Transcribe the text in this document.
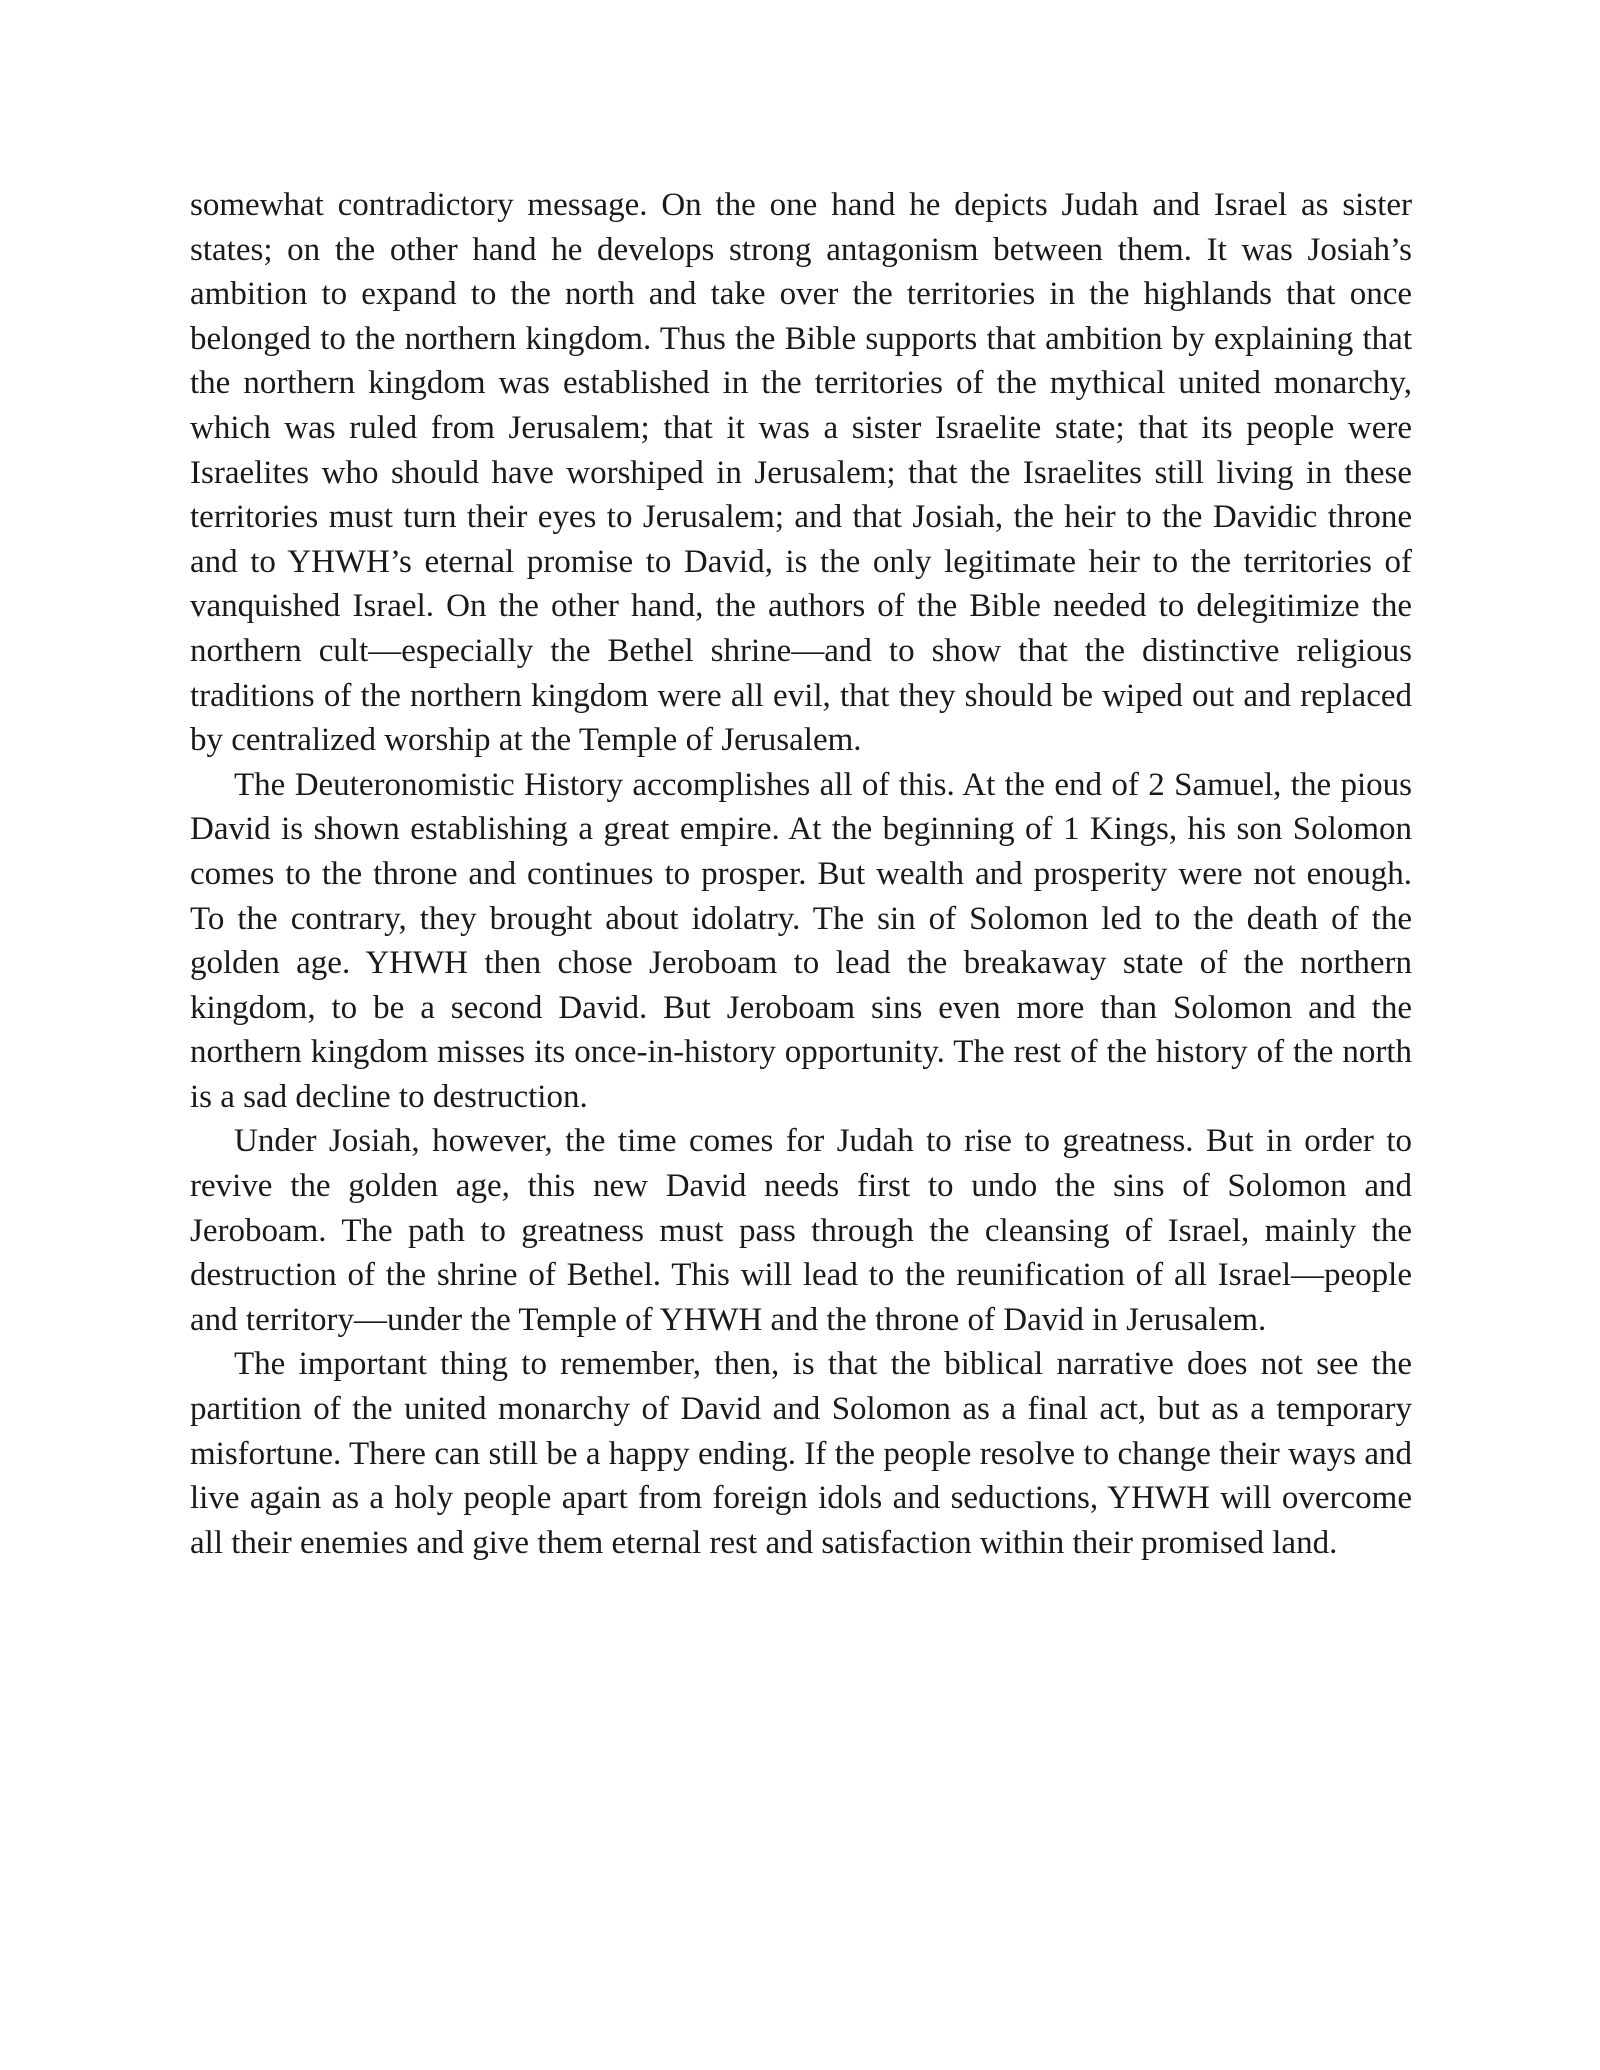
somewhat contradictory message. On the one hand he depicts Judah and Israel as sister states; on the other hand he develops strong antagonism between them. It was Josiah’s ambition to expand to the north and take over the territories in the highlands that once belonged to the northern kingdom. Thus the Bible supports that ambition by explaining that the northern kingdom was established in the territories of the mythical united monarchy, which was ruled from Jerusalem; that it was a sister Israelite state; that its people were Israelites who should have worshiped in Jerusalem; that the Israelites still living in these territories must turn their eyes to Jerusalem; and that Josiah, the heir to the Davidic throne and to YHWH’s eternal promise to David, is the only legitimate heir to the territories of vanquished Israel. On the other hand, the authors of the Bible needed to delegitimize the northern cult—especially the Bethel shrine—and to show that the distinctive religious traditions of the northern kingdom were all evil, that they should be wiped out and replaced by centralized worship at the Temple of Jerusalem.

The Deuteronomistic History accomplishes all of this. At the end of 2 Samuel, the pious David is shown establishing a great empire. At the beginning of 1 Kings, his son Solomon comes to the throne and continues to prosper. But wealth and prosperity were not enough. To the contrary, they brought about idolatry. The sin of Solomon led to the death of the golden age. YHWH then chose Jeroboam to lead the breakaway state of the northern kingdom, to be a second David. But Jeroboam sins even more than Solomon and the northern kingdom misses its once-in-history opportunity. The rest of the history of the north is a sad decline to destruction.

Under Josiah, however, the time comes for Judah to rise to greatness. But in order to revive the golden age, this new David needs first to undo the sins of Solomon and Jeroboam. The path to greatness must pass through the cleansing of Israel, mainly the destruction of the shrine of Bethel. This will lead to the reunification of all Israel—people and territory—under the Temple of YHWH and the throne of David in Jerusalem.

The important thing to remember, then, is that the biblical narrative does not see the partition of the united monarchy of David and Solomon as a final act, but as a temporary misfortune. There can still be a happy ending. If the people resolve to change their ways and live again as a holy people apart from foreign idols and seductions, YHWH will overcome all their enemies and give them eternal rest and satisfaction within their promised land.
